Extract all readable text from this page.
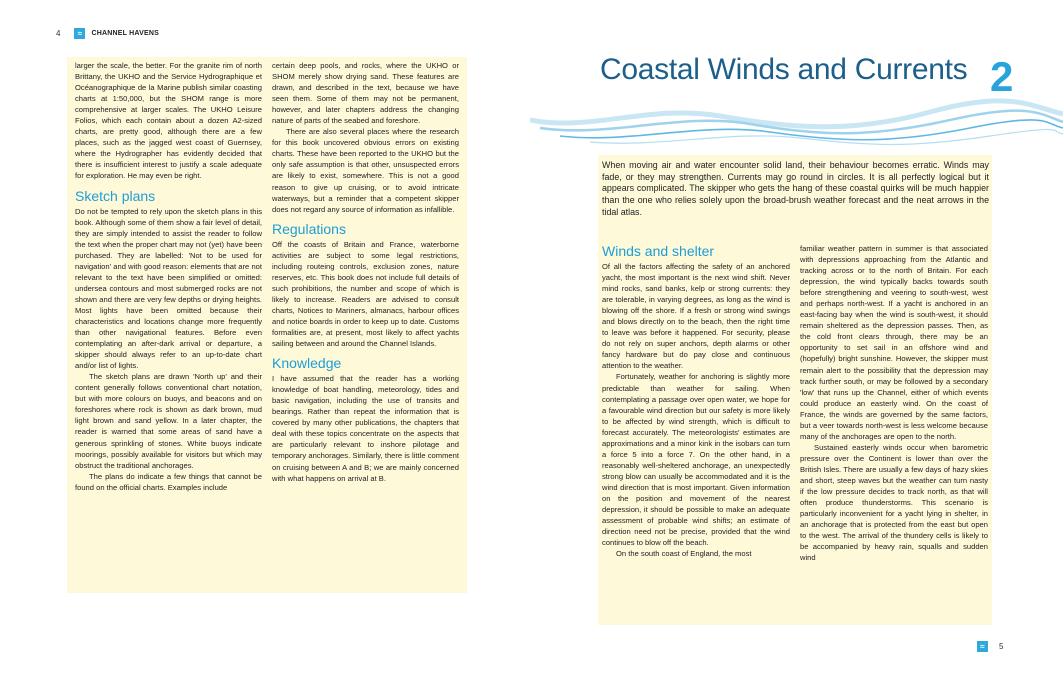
4 ≈ CHANNEL HAVENS

larger the scale, the better. For the granite rim of north Brittany, the UKHO and the Service Hydrographique et Océanographique de la Marine publish similar coasting charts at 1:50,000, but the SHOM range is more comprehensive at larger scales. The UKHO Leisure Folios, which each contain about a dozen A2-sized charts, are pretty good, although there are a few places, such as the jagged west coast of Guernsey, where the Hydrographer has evidently decided that there is insufficient interest to justify a scale adequate for exploration. He may even be right.

Sketch plans

Do not be tempted to rely upon the sketch plans in this book. Although some of them show a fair level of detail, they are simply intended to assist the reader to follow the text when the proper chart may not (yet) have been purchased. They are labelled: 'Not to be used for navigation' and with good reason: elements that are not relevant to the text have been simplified or omitted: undersea contours and most submerged rocks are not shown and there are very few depths or drying heights. Most lights have been omitted because their characteristics and locations change more frequently than other navigational features. Before even contemplating an after-dark arrival or departure, a skipper should always refer to an up-to-date chart and/or list of lights.

The sketch plans are drawn 'North up' and their content generally follows conventional chart notation, but with more colours on buoys, and beacons and on foreshores where rock is shown as dark brown, mud light brown and sand yellow. In a later chapter, the reader is warned that some areas of sand have a generous sprinkling of stones. White buoys indicate moorings, possibly available for visitors but which may obstruct the traditional anchorages.

The plans do indicate a few things that cannot be found on the official charts. Examples include

certain deep pools, and rocks, where the UKHO or SHOM merely show drying sand. These features are drawn, and described in the text, because we have seen them. Some of them may not be permanent, however, and later chapters address the changing nature of parts of the seabed and foreshore.

There are also several places where the research for this book uncovered obvious errors on existing charts. These have been reported to the UKHO but the only safe assumption is that other, unsuspected errors are likely to exist, somewhere. This is not a good reason to give up cruising, or to avoid intricate waterways, but a reminder that a competent skipper does not regard any source of information as infallible.

Regulations

Off the coasts of Britain and France, waterborne activities are subject to some legal restrictions, including routeing controls, exclusion zones, nature reserves, etc. This book does not include full details of such prohibitions, the number and scope of which is likely to increase. Readers are advised to consult charts, Notices to Mariners, almanacs, harbour offices and notice boards in order to keep up to date. Customs formalities are, at present, most likely to affect yachts sailing between and around the Channel Islands.

Knowledge

I have assumed that the reader has a working knowledge of boat handling, meteorology, tides and basic navigation, including the use of transits and bearings. Rather than repeat the information that is covered by many other publications, the chapters that deal with these topics concentrate on the aspects that are particularly relevant to inshore pilotage and temporary anchorages. Similarly, there is little comment on cruising between A and B; we are mainly concerned with what happens on arrival at B.

Coastal Winds and Currents 2

When moving air and water encounter solid land, their behaviour becomes erratic. Winds may fade, or they may strengthen. Currents may go round in circles. It is all perfectly logical but it appears complicated. The skipper who gets the hang of these coastal quirks will be much happier than the one who relies solely upon the broad-brush weather forecast and the neat arrows in the tidal atlas.

Winds and shelter

Of all the factors affecting the safety of an anchored yacht, the most important is the next wind shift. Never mind rocks, sand banks, kelp or strong currents: they are tolerable, in varying degrees, as long as the wind is blowing off the shore. If a fresh or strong wind swings and blows directly on to the beach, then the right time to leave was before it happened. For security, please do not rely on super anchors, depth alarms or other fancy hardware but do pay close and continuous attention to the weather.

Fortunately, weather for anchoring is slightly more predictable than weather for sailing. When contemplating a passage over open water, we hope for a favourable wind direction but our safety is more likely to be affected by wind strength, which is difficult to forecast accurately. The meteorologists' estimates are approximations and a minor kink in the isobars can turn a force 5 into a force 7. On the other hand, in a reasonably well-sheltered anchorage, an unexpectedly strong blow can usually be accommodated and it is the wind direction that is most important. Given information on the position and movement of the nearest depression, it should be possible to make an adequate assessment of probable wind shifts; an estimate of direction need not be precise, provided that the wind continues to blow off the beach.

On the south coast of England, the most

familiar weather pattern in summer is that associated with depressions approaching from the Atlantic and tracking across or to the north of Britain. For each depression, the wind typically backs towards south before strengthening and veering to south-west, west and perhaps north-west. If a yacht is anchored in an east-facing bay when the wind is south-west, it should remain sheltered as the depression passes. Then, as the cold front clears through, there may be an opportunity to set sail in an offshore wind and (hopefully) bright sunshine. However, the skipper must remain alert to the possibility that the depression may track further south, or may be followed by a secondary 'low' that runs up the Channel, either of which events could produce an easterly wind. On the coast of France, the winds are governed by the same factors, but a veer towards north-west is less welcome because many of the anchorages are open to the north.

Sustained easterly winds occur when barometric pressure over the Continent is lower than over the British Isles. There are usually a few days of hazy skies and short, steep waves but the weather can turn nasty if the low pressure decides to track north, as that will often produce thunderstorms. This scenario is particularly inconvenient for a yacht lying in shelter, in an anchorage that is protected from the east but open to the west. The arrival of the thundery cells is likely to be accompanied by heavy rain, squalls and sudden wind

≈ 5
